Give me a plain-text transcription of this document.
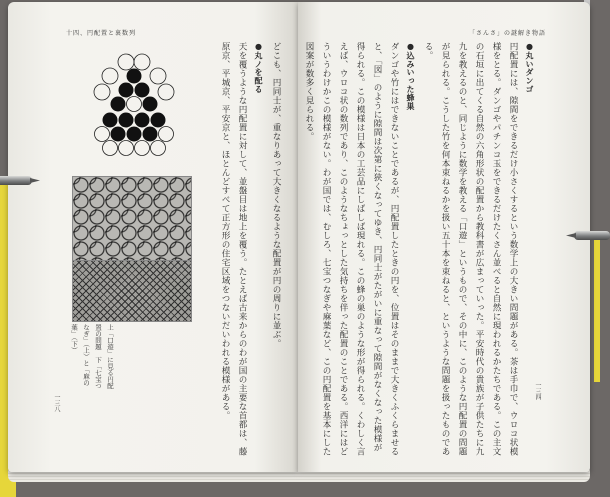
十四、円配置と裏数列
上「口遊」に見る円配置の問題　下「七宝つなぎ」（上）と「麻の葉」（下）	どこも、円同士が、重なりあって大きくなるような配置が円の周りに並ぶ。

●丸ノを配る

天を覆うような円配置に対して、並盤目は地上を覆う。たとえば古来からのわが国の主要な首都は、藤原京、平城京、平安京と、ほとんどすべて正方形の住宅区域をつないだいわれる模様がある。

一三八
「さんさ」の謎解き物語

●丸いダンゴ

円配置には、隙間をできるだけ小さくするという数学上の大きい問題がある。茶は手巾で、ウロコ状模様をとる。ダンゴやパチンコ玉をできるだけたくさん並べると自然に現われるかたちである。この主文の石垣に出てくる自然の六角形状の配置から教科書が広まっていった。平安時代の貴族が子供たちに九九を教えるのと、同じように数学を教える「口遊」というもので、その中に、このような円配置の問題が見られる。こうした竹を何本束ねるかを扱い五十本を束ねると、というような問題を扱ったものである。

●込みいった蜂巣

ダンゴや竹にはできないことであるが、円配置したときの円を、位置はそのままで大きくふくらませると、「図」のように隙間は次第に狭くなってゆき、円同士がたがいに重なって隙間がなくなった模様が得られる。この模様は日本の工芸品にしばしば現れる。この蜂の巣のような形が得られる。くわしく言えば、ウロコ状の数列であり、このようなちょっとした気持ちを伴った配置のことである。西洋にはどういうわけかこの模様がない。わが国では、むしろ、七宝つなぎや麻葉など、この円配置を基本にした図案が数多く見られる。

一三四
